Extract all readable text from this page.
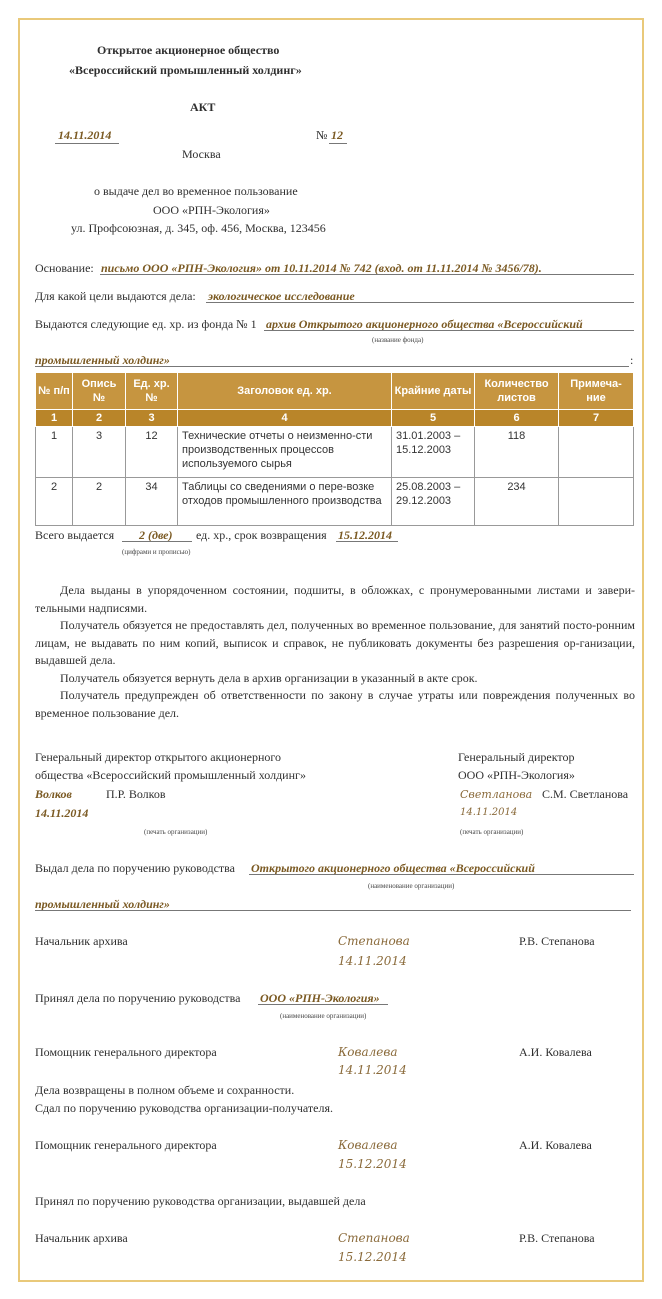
Открытое акционерное общество
«Всероссийский промышленный холдинг»
АКТ
14.11.2014	№ 12
Москва
о выдаче дел во временное пользование
ООО «РПН-Экология»
ул. Профсоюзная, д. 345, оф. 456, Москва, 123456
Основание: письмо ООО «РПН-Экология» от 10.11.2014 № 742 (вход. от 11.11.2014 № 3456/78).
Для какой цели выдаются дела: экологическое исследование
Выдаются следующие ед. хр. из фонда № 1 архив Открытого акционерного общества «Всероссийский
(название фонда)
промышленный холдинг»	:
№ п/п	Опись №	Ед. хр. №	Заголовок ед. хр.	Крайние даты	Количество листов	Примеча-ние
1	2	3	4	5	6	7
1	3	12	Технические отчеты о неизменно-сти производственных процессов используемого сырья	31.01.2003 – 15.12.2003	118	
2	2	34	Таблицы со сведениями о пере-возке отходов промышленного производства	25.08.2003 – 29.12.2003	234	
Всего выдается 2 (две)
(цифрами и прописью)
ед. хр., срок возвращения 15.12.2014

Дела выданы в упорядоченном состоянии, подшиты, в обложках, с пронумерованными листами и завери-тельными надписями.

Получатель обязуется не предоставлять дел, полученных во временное пользование, для занятий посто-ронним лицам, не выдавать по ним копий, выписок и справок, не публиковать документы без разрешения ор-ганизации, выдавшей дела.

Получатель обязуется вернуть дела в архив организации в указанный в акте срок.

Получатель предупрежден об ответственности по закону в случае утраты или повреждения полученных во временное пользование дел.

Генеральный директор открытого акционерного
общества «Всероссийский промышленный холдинг»
Волков	П.Р. Волков
14.11.2014
(печать организации)
Генеральный директор
ООО «РПН-Экология»
Светланова С.М. Светланова
14.11.2014
(печать организации)
Выдал дела по поручению руководства Открытого акционерного общества «Всероссийский
(наименование организации)
промышленный холдинг»
Начальник архива	Степанова
14.11.2014
Р.В. Степанова
Принял дела по поручению руководства ООО «РПН-Экология»
(наименование организации)
Помощник генерального директора	Ковалева
14.11.2014
А.И. Ковалева
Дела возвращены в полном объеме и сохранности.
Сдал по поручению руководства организации-получателя.
Помощник генерального директора	Ковалева
15.12.2014
А.И. Ковалева
Принял по поручению руководства организации, выдавшей дела
Начальник архива	Степанова
15.12.2014
Р.В. Степанова
